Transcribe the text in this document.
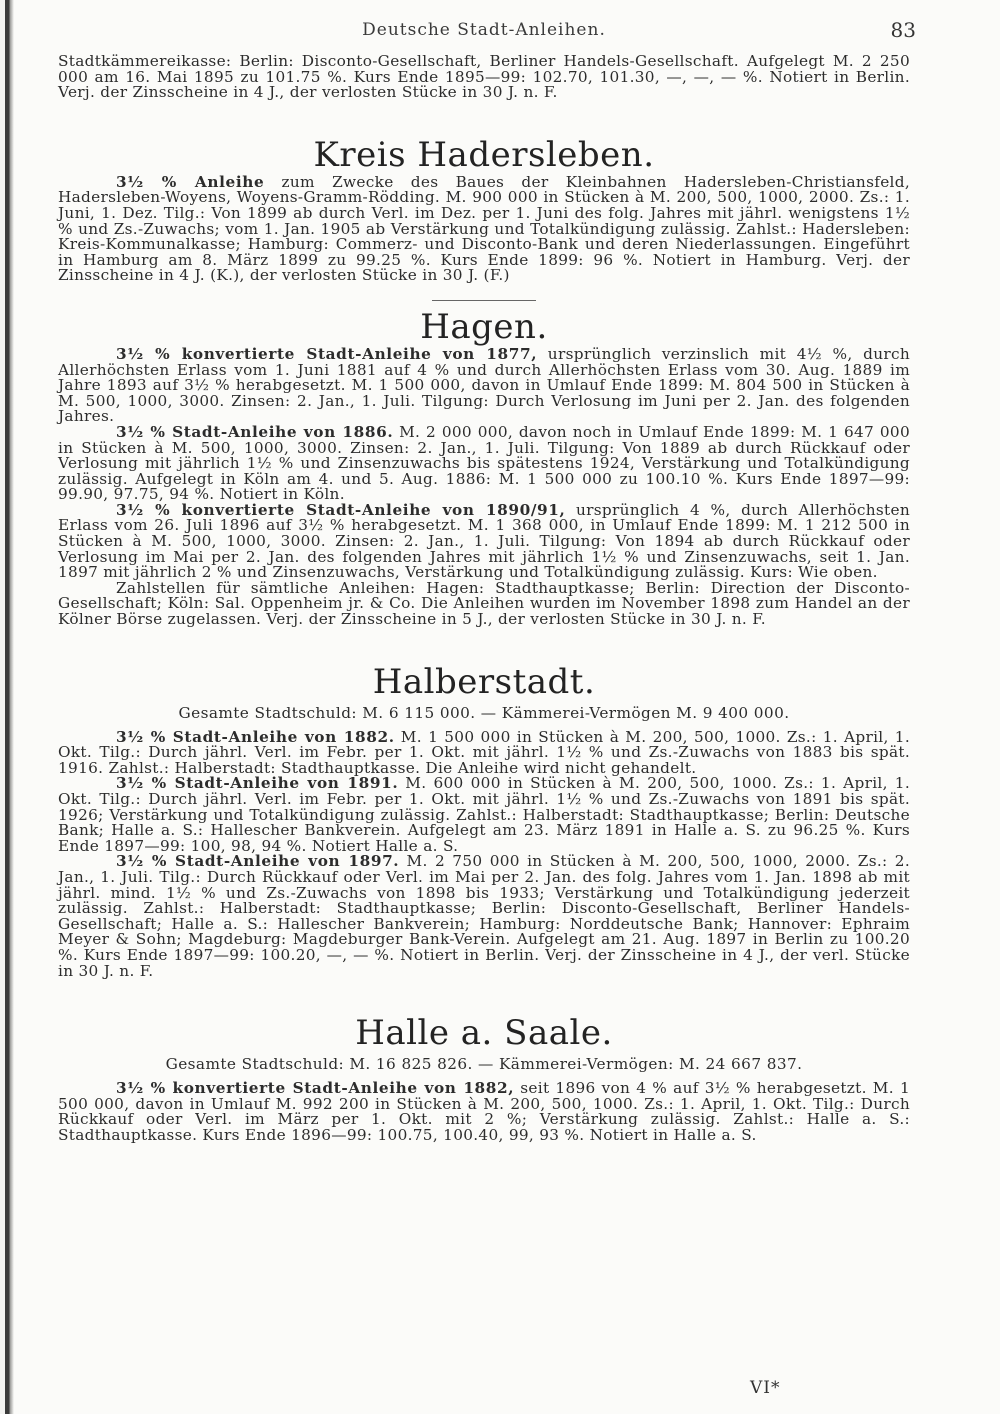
Deutsche Stadt-Anleihen.	83

Stadtkämmereikasse: Berlin: Disconto-Gesellschaft, Berliner Handels-Gesellschaft. Aufgelegt M. 2 250 000 am 16. Mai 1895 zu 101.75 %. Kurs Ende 1895—99: 102.70, 101.30, —, —, — %. Notiert in Berlin. Verj. der Zinsscheine in 4 J., der verlosten Stücke in 30 J. n. F.

Kreis Hadersleben.

3½ % Anleihe zum Zwecke des Baues der Kleinbahnen Hadersleben-Christiansfeld, Hadersleben-Woyens, Woyens-Gramm-Rödding. M. 900 000 in Stücken à M. 200, 500, 1000, 2000. Zs.: 1. Juni, 1. Dez. Tilg.: Von 1899 ab durch Verl. im Dez. per 1. Juni des folg. Jahres mit jährl. wenigstens 1½ % und Zs.-Zuwachs; vom 1. Jan. 1905 ab Verstärkung und Totalkündigung zulässig. Zahlst.: Hadersleben: Kreis-Kommunalkasse; Hamburg: Commerz- und Disconto-Bank und deren Niederlassungen. Eingeführt in Hamburg am 8. März 1899 zu 99.25 %. Kurs Ende 1899: 96 %. Notiert in Hamburg. Verj. der Zinsscheine in 4 J. (K.), der verlosten Stücke in 30 J. (F.)

Hagen.

3½ % konvertierte Stadt-Anleihe von 1877, ursprünglich verzinslich mit 4½ %, durch Allerhöchsten Erlass vom 1. Juni 1881 auf 4 % und durch Allerhöchsten Erlass vom 30. Aug. 1889 im Jahre 1893 auf 3½ % herabgesetzt. M. 1 500 000, davon in Umlauf Ende 1899: M. 804 500 in Stücken à M. 500, 1000, 3000. Zinsen: 2. Jan., 1. Juli. Tilgung: Durch Verlosung im Juni per 2. Jan. des folgenden Jahres.

3½ % Stadt-Anleihe von 1886. M. 2 000 000, davon noch in Umlauf Ende 1899: M. 1 647 000 in Stücken à M. 500, 1000, 3000. Zinsen: 2. Jan., 1. Juli. Tilgung: Von 1889 ab durch Rückkauf oder Verlosung mit jährlich 1½ % und Zinsenzuwachs bis spätestens 1924, Verstärkung und Totalkündigung zulässig. Aufgelegt in Köln am 4. und 5. Aug. 1886: M. 1 500 000 zu 100.10 %. Kurs Ende 1897—99: 99.90, 97.75, 94 %. Notiert in Köln.

3½ % konvertierte Stadt-Anleihe von 1890/91, ursprünglich 4 %, durch Allerhöchsten Erlass vom 26. Juli 1896 auf 3½ % herabgesetzt. M. 1 368 000, in Umlauf Ende 1899: M. 1 212 500 in Stücken à M. 500, 1000, 3000. Zinsen: 2. Jan., 1. Juli. Tilgung: Von 1894 ab durch Rückkauf oder Verlosung im Mai per 2. Jan. des folgenden Jahres mit jährlich 1½ % und Zinsenzuwachs, seit 1. Jan. 1897 mit jährlich 2 % und Zinsenzuwachs, Verstärkung und Totalkündigung zulässig. Kurs: Wie oben.

Zahlstellen für sämtliche Anleihen: Hagen: Stadthauptkasse; Berlin: Direction der Disconto-Gesellschaft; Köln: Sal. Oppenheim jr. & Co. Die Anleihen wurden im November 1898 zum Handel an der Kölner Börse zugelassen. Verj. der Zinsscheine in 5 J., der verlosten Stücke in 30 J. n. F.

Halberstadt.
Gesamte Stadtschuld: M. 6 115 000. — Kämmerei-Vermögen M. 9 400 000.

3½ % Stadt-Anleihe von 1882. M. 1 500 000 in Stücken à M. 200, 500, 1000. Zs.: 1. April, 1. Okt. Tilg.: Durch jährl. Verl. im Febr. per 1. Okt. mit jährl. 1½ % und Zs.-Zuwachs von 1883 bis spät. 1916. Zahlst.: Halberstadt: Stadthauptkasse. Die Anleihe wird nicht gehandelt.

3½ % Stadt-Anleihe von 1891. M. 600 000 in Stücken à M. 200, 500, 1000. Zs.: 1. April, 1. Okt. Tilg.: Durch jährl. Verl. im Febr. per 1. Okt. mit jährl. 1½ % und Zs.-Zuwachs von 1891 bis spät. 1926; Verstärkung und Totalkündigung zulässig. Zahlst.: Halberstadt: Stadthauptkasse; Berlin: Deutsche Bank; Halle a. S.: Hallescher Bankverein. Aufgelegt am 23. März 1891 in Halle a. S. zu 96.25 %. Kurs Ende 1897—99: 100, 98, 94 %. Notiert Halle a. S.

3½ % Stadt-Anleihe von 1897. M. 2 750 000 in Stücken à M. 200, 500, 1000, 2000. Zs.: 2. Jan., 1. Juli. Tilg.: Durch Rückkauf oder Verl. im Mai per 2. Jan. des folg. Jahres vom 1. Jan. 1898 ab mit jährl. mind. 1½ % und Zs.-Zuwachs von 1898 bis 1933; Verstärkung und Totalkündigung jederzeit zulässig. Zahlst.: Halberstadt: Stadthauptkasse; Berlin: Disconto-Gesellschaft, Berliner Handels-Gesellschaft; Halle a. S.: Hallescher Bankverein; Hamburg: Norddeutsche Bank; Hannover: Ephraim Meyer & Sohn; Magdeburg: Magdeburger Bank-Verein. Aufgelegt am 21. Aug. 1897 in Berlin zu 100.20 %. Kurs Ende 1897—99: 100.20, —, — %. Notiert in Berlin. Verj. der Zinsscheine in 4 J., der verl. Stücke in 30 J. n. F.

Halle a. Saale.
Gesamte Stadtschuld: M. 16 825 826. — Kämmerei-Vermögen: M. 24 667 837.

3½ % konvertierte Stadt-Anleihe von 1882, seit 1896 von 4 % auf 3½ % herabgesetzt. M. 1 500 000, davon in Umlauf M. 992 200 in Stücken à M. 200, 500, 1000. Zs.: 1. April, 1. Okt. Tilg.: Durch Rückkauf oder Verl. im März per 1. Okt. mit 2 %; Verstärkung zulässig. Zahlst.: Halle a. S.: Stadthauptkasse. Kurs Ende 1896—99: 100.75, 100.40, 99, 93 %. Notiert in Halle a. S.

VI*
